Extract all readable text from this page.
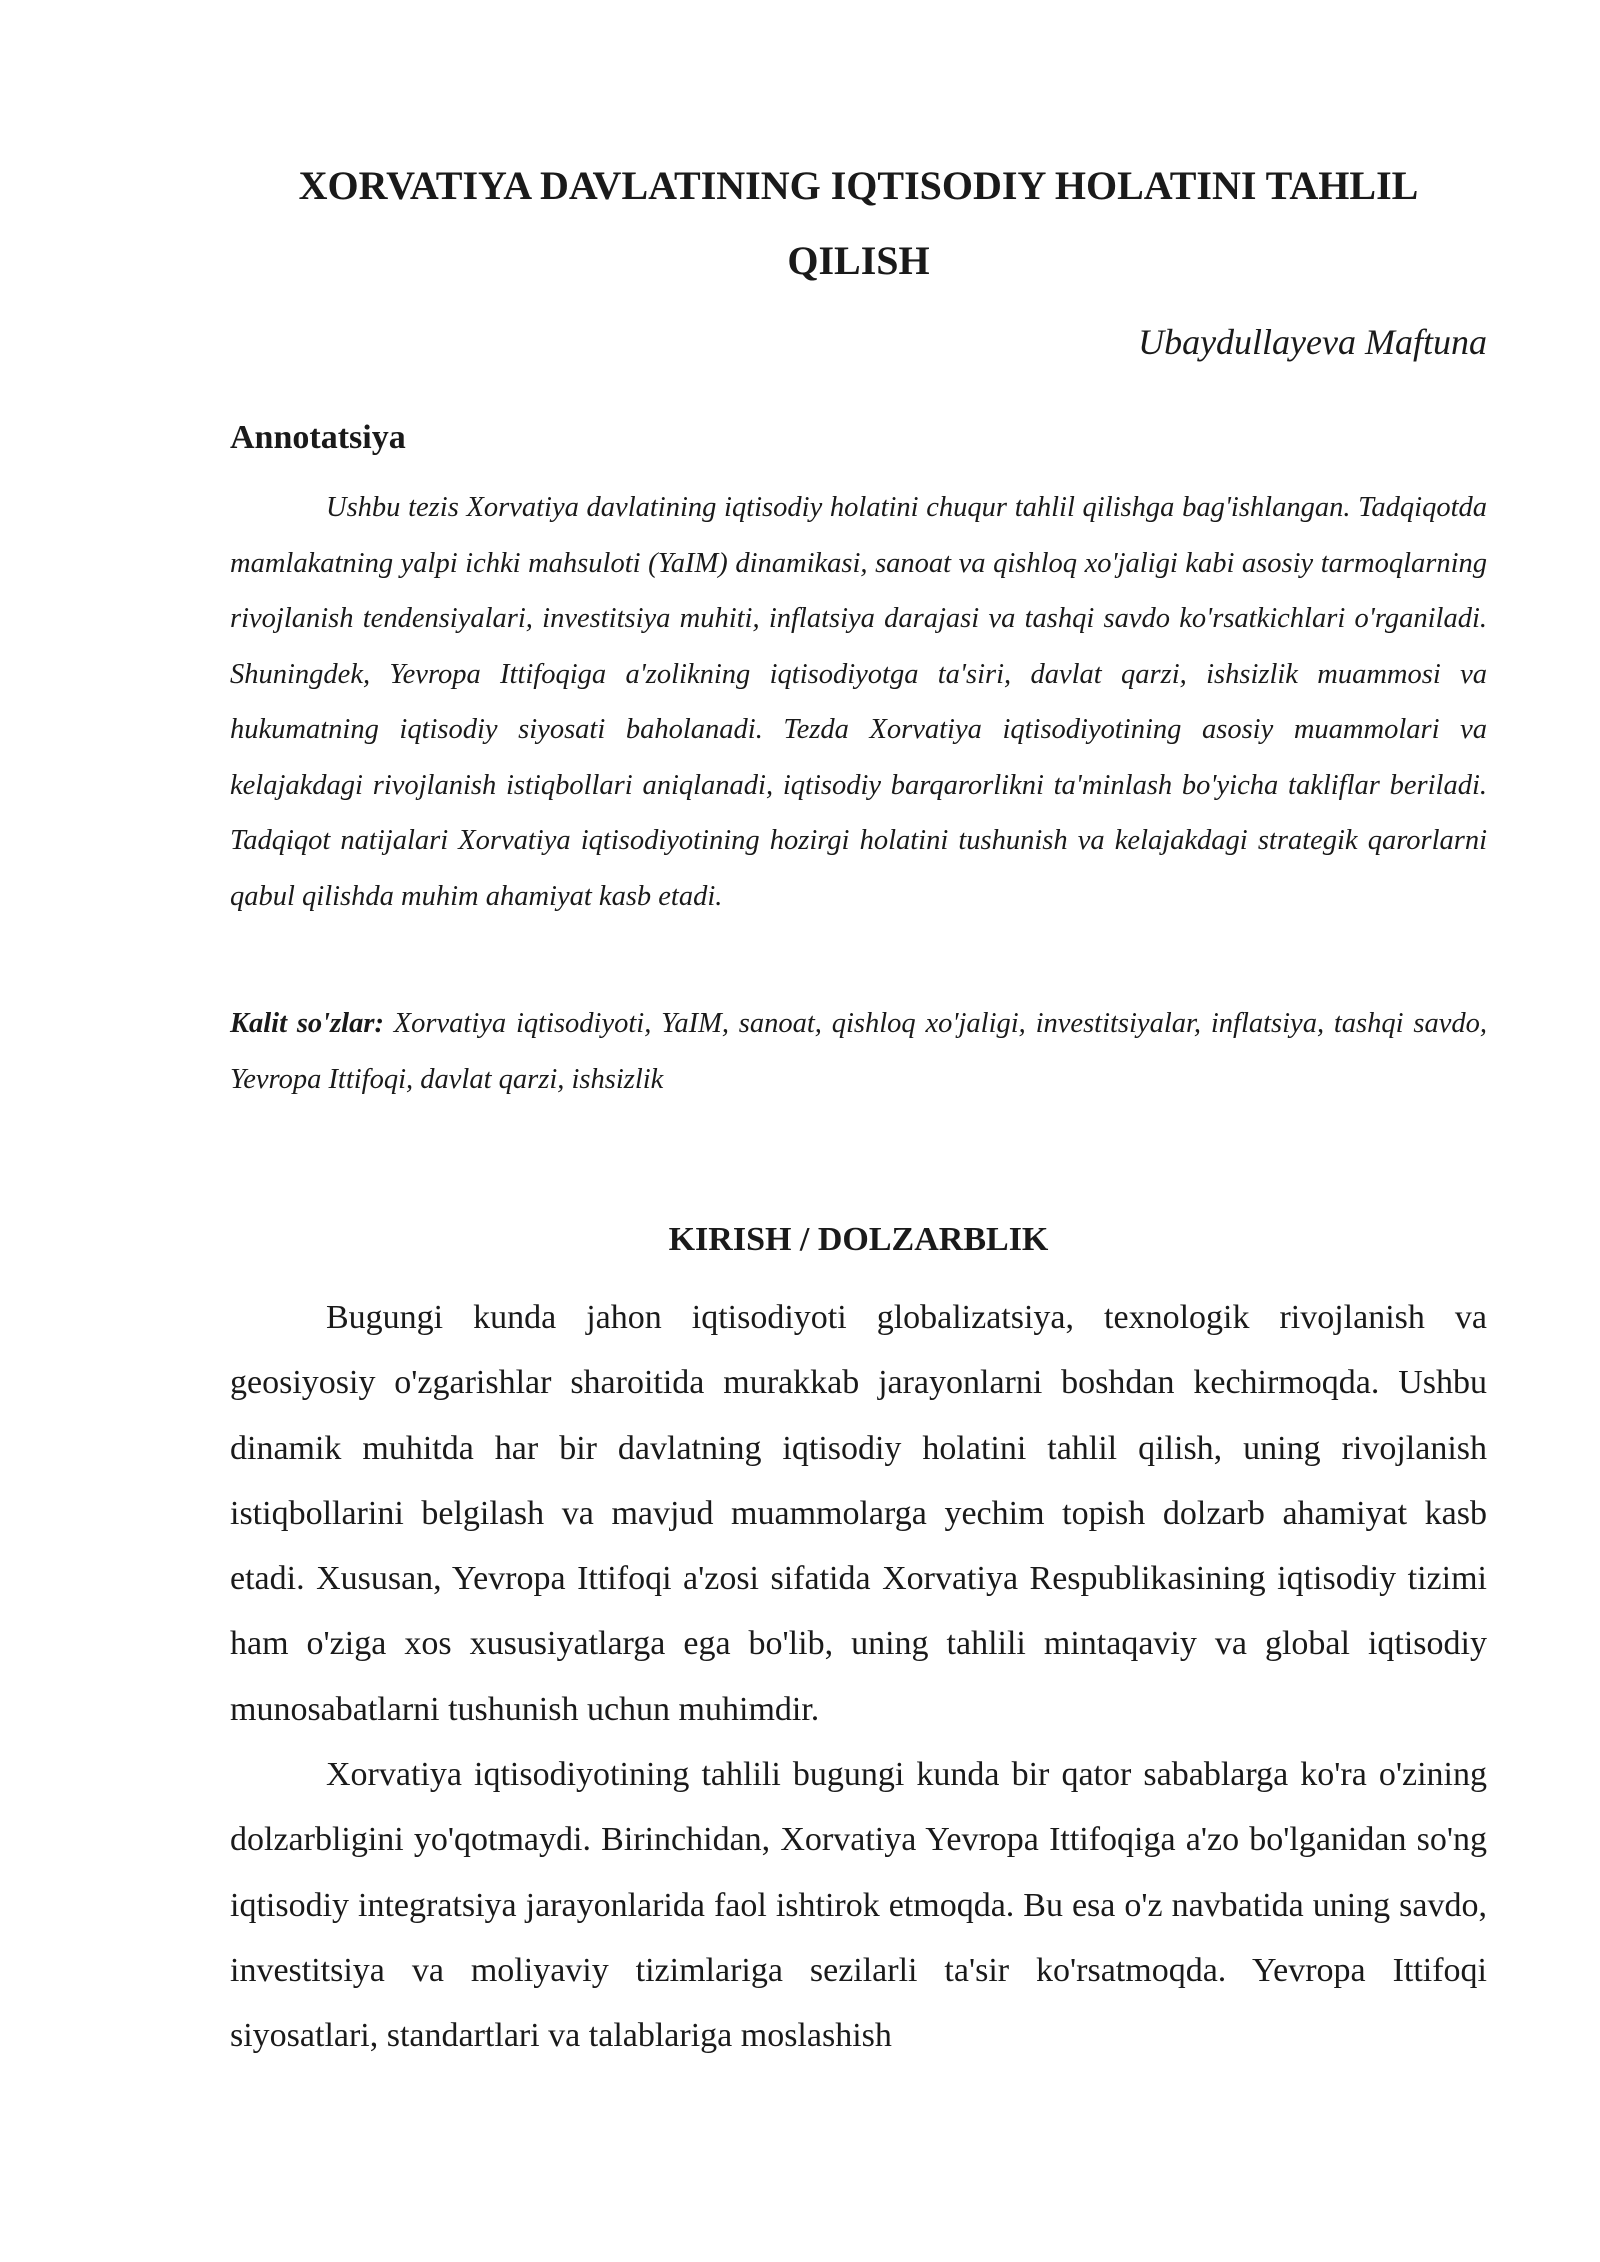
XORVATIYA DAVLATINING IQTISODIY HOLATINI TAHLIL QILISH

Ubaydullayeva Maftuna

Annotatsiya

Ushbu tezis Xorvatiya davlatining iqtisodiy holatini chuqur tahlil qilishga bag'ishlangan. Tadqiqotda mamlakatning yalpi ichki mahsuloti (YaIM) dinamikasi, sanoat va qishloq xo'jaligi kabi asosiy tarmoqlarning rivojlanish tendensiyalari, investitsiya muhiti, inflatsiya darajasi va tashqi savdo ko'rsatkichlari o'rganiladi. Shuningdek, Yevropa Ittifoqiga a'zolikning iqtisodiyotga ta'siri, davlat qarzi, ishsizlik muammosi va hukumatning iqtisodiy siyosati baholanadi. Tezda Xorvatiya iqtisodiyotining asosiy muammolari va kelajakdagi rivojlanish istiqbollari aniqlanadi, iqtisodiy barqarorlikni ta'minlash bo'yicha takliflar beriladi. Tadqiqot natijalari Xorvatiya iqtisodiyotining hozirgi holatini tushunish va kelajakdagi strategik qarorlarni qabul qilishda muhim ahamiyat kasb etadi.

Kalit so'zlar: Xorvatiya iqtisodiyoti, YaIM, sanoat, qishloq xo'jaligi, investitsiyalar, inflatsiya, tashqi savdo, Yevropa Ittifoqi, davlat qarzi, ishsizlik

KIRISH / DOLZARBLIK

Bugungi kunda jahon iqtisodiyoti globalizatsiya, texnologik rivojlanish va geosiyosiy o'zgarishlar sharoitida murakkab jarayonlarni boshdan kechirmoqda. Ushbu dinamik muhitda har bir davlatning iqtisodiy holatini tahlil qilish, uning rivojlanish istiqbollarini belgilash va mavjud muammolarga yechim topish dolzarb ahamiyat kasb etadi. Xususan, Yevropa Ittifoqi a'zosi sifatida Xorvatiya Respublikasining iqtisodiy tizimi ham o'ziga xos xususiyatlarga ega bo'lib, uning tahlili mintaqaviy va global iqtisodiy munosabatlarni tushunish uchun muhimdir.

Xorvatiya iqtisodiyotining tahlili bugungi kunda bir qator sabablarga ko'ra o'zining dolzarbligini yo'qotmaydi. Birinchidan, Xorvatiya Yevropa Ittifoqiga a'zo bo'lganidan so'ng iqtisodiy integratsiya jarayonlarida faol ishtirok etmoqda. Bu esa o'z navbatida uning savdo, investitsiya va moliyaviy tizimlariga sezilarli ta'sir ko'rsatmoqda. Yevropa Ittifoqi siyosatlari, standartlari va talablariga moslashish
